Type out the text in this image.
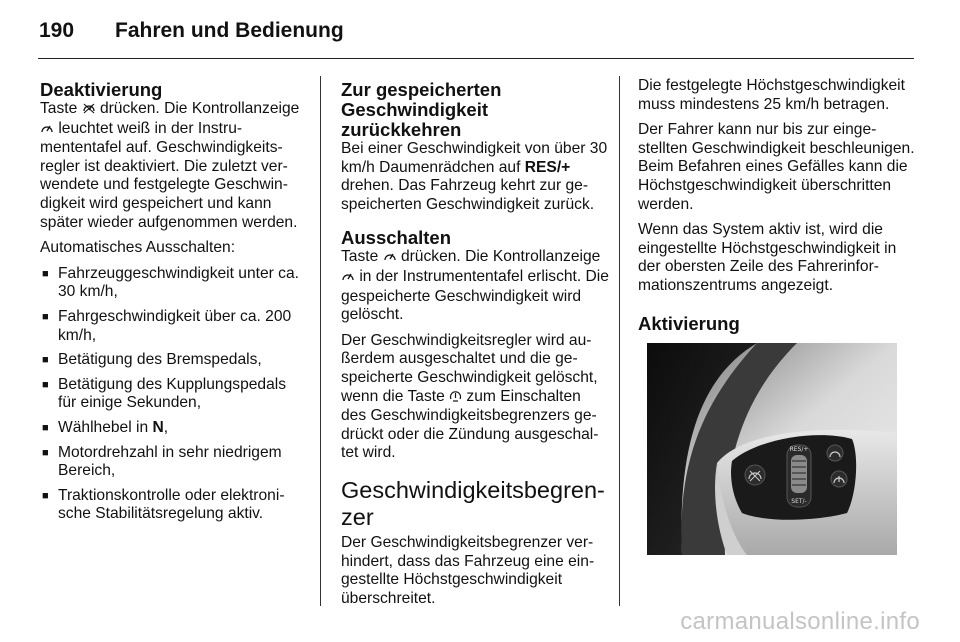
190 Fahren und Bedienung
Deaktivierung

Taste  drücken. Die Kontrollanzeige  leuchtet weiß in der Instrumententafel auf. Geschwindigkeitsregler ist deaktiviert. Die zuletzt verwendete und festgelegte Geschwindigkeit wird gespeichert und kann später wieder aufgenommen werden.

Automatisches Ausschalten:

■ Fahrzeuggeschwindigkeit unter ca. 30 km/h,
■ Fahrgeschwindigkeit über ca. 200 km/h,
■ Betätigung des Bremspedals,
■ Betätigung des Kupplungspedals für einige Sekunden,
■ Wählhebel in N,
■ Motordrehzahl in sehr niedrigem Bereich,
■ Traktionskontrolle oder elektronische Stabilitätsregelung aktiv.
Zur gespeicherten Geschwindigkeit zurückkehren

Bei einer Geschwindigkeit von über 30 km/h Daumenrädchen auf RES/+ drehen. Das Fahrzeug kehrt zur gespeicherten Geschwindigkeit zurück.

Ausschalten

Taste  drücken. Die Kontrollanzeige  in der Instrumententafel erlischt. Die gespeicherte Geschwindigkeit wird gelöscht.

Der Geschwindigkeitsregler wird außerdem ausgeschaltet und die gespeicherte Geschwindigkeit gelöscht, wenn die Taste  zum Einschalten des Geschwindigkeitsbegrenzers gedrückt oder die Zündung ausgeschaltet wird.

Geschwindigkeitsbegrenzer

Der Geschwindigkeitsbegrenzer verhindert, dass das Fahrzeug eine eingestellte Höchstgeschwindigkeit überschreitet.

Die festgelegte Höchstgeschwindigkeit muss mindestens 25 km/h betragen.

Der Fahrer kann nur bis zur eingestellten Geschwindigkeit beschleunigen. Beim Befahren eines Gefälles kann die Höchstgeschwindigkeit überschritten werden.

Wenn das System aktiv ist, wird die eingestellte Höchstgeschwindigkeit in der obersten Zeile des Fahrerinformationszentrums angezeigt.

Aktivierung
RES/+
SET/-
carmanualsonline.info
